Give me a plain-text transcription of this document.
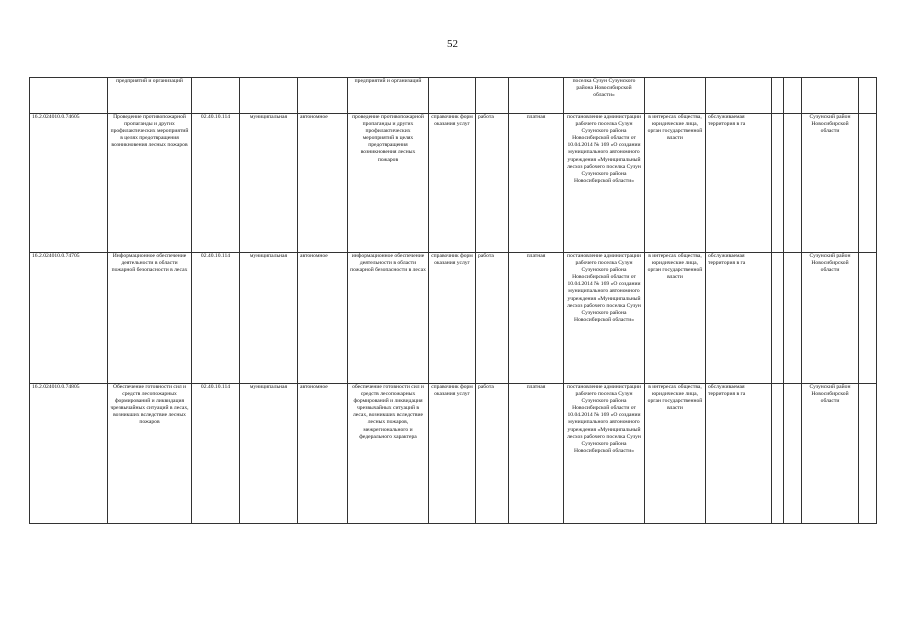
52
	предприятий и организаций				предприятий и организаций				поселка Сузун Сузунского района Новосибирской области»						
16.2.024010.0.74605	Проведение противопожарной пропаганды и других профилактических мероприятий в целях предотвращения возникновения лесных пожаров	02.40.10.114	муниципальная	автономное	проведение противопожарной пропаганды и других профилактических мероприятий в целях предотвращения возникновения лесных пожаров	справочник форм оказания услуг	работа	платная	постановление администрации рабочего поселка Сузун Сузунского района Новосибирской области от 10.04.2014 № 169 «О создании муниципального автономного учреждения «Муниципальный лесхоз рабочего поселка Сузун Сузунского района Новосибирской области»	в интересах общества, юридические лица, орган государственной власти	обслуживаемая территория в га			Сузунский район Новосибирской области	
16.2.024010.0.74705	Информационное обеспечение деятельности в области пожарной безопасности в лесах	02.40.10.114	муниципальная	автономное	информационное обеспечение деятельности в области пожарной безопасности в лесах	справочник форм оказания услуг	работа	платная	постановление администрации рабочего поселка Сузун Сузунского района Новосибирской области от 10.04.2014 № 169 «О создании муниципального автономного учреждения «Муниципальный лесхоз рабочего поселка Сузун Сузунского района Новосибирской области»	в интересах общества, юридические лица, орган государственной власти	обслуживаемая территория в га			Сузунский район Новосибирской области	
16.2.024010.0.74805	Обеспечение готовности сил и средств лесопожарных формирований и ликвидация чрезвычайных ситуаций в лесах, возникших вследствие лесных пожаров	02.40.10.114	муниципальная	автономное	обеспечение готовности сил и средств лесопожарных формирований и ликвидация чрезвычайных ситуаций в лесах, возникших вследствие лесных пожаров, межрегионального и федерального характера	справочник форм оказания услуг	работа	платная	постановление администрации рабочего поселка Сузун Сузунского района Новосибирской области от 10.04.2014 № 169 «О создании муниципального автономного учреждения «Муниципальный лесхоз рабочего поселка Сузун Сузунского района Новосибирской области»	в интересах общества, юридические лица, орган государственной власти	обслуживаемая территория в га			Сузунский район Новосибирской области	
